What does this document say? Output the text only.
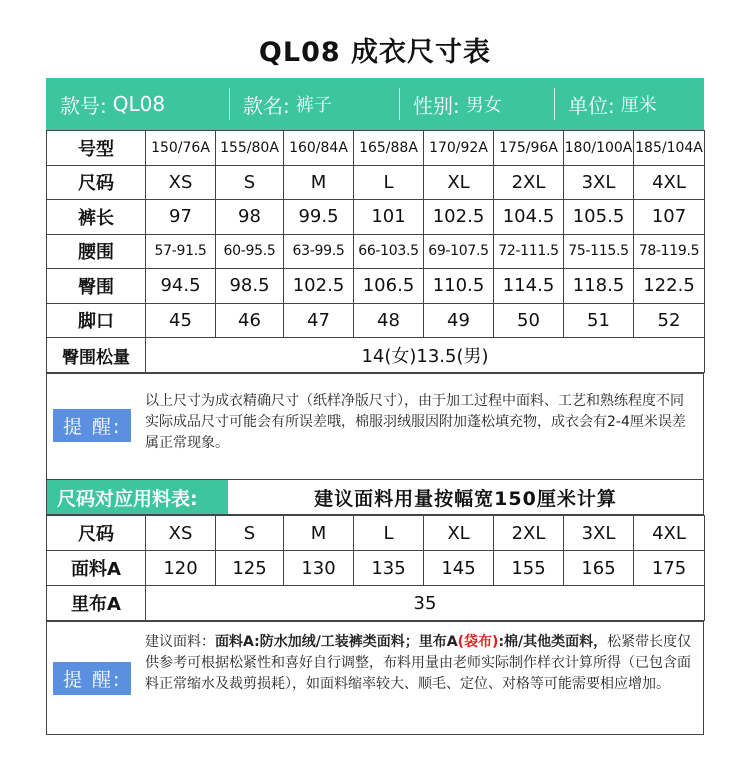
QL08 成衣尺寸表
款号: QL08	款名: 裤子	性别: 男女	单位: 厘米
号型	150/76A	155/80A	160/84A	165/88A	170/92A	175/96A	180/100A	185/104A
尺码	XS	S	M	L	XL	2XL	3XL	4XL
裤长	97	98	99.5	101	102.5	104.5	105.5	107
腰围	57-91.5	60-95.5	63-99.5	66-103.5	69-107.5	72-111.5	75-115.5	78-119.5
臀围	94.5	98.5	102.5	106.5	110.5	114.5	118.5	122.5
脚口	45	46	47	48	49	50	51	52
臀围松量	14(女)13.5(男)							
提 醒:
以上尺寸为成衣精确尺寸（纸样净版尺寸），由于加工过程中面料、工艺和熟练程度不同实际成品尺寸可能会有所误差哦，棉服羽绒服因附加蓬松填充物，成衣会有2-4厘米误差属正常现象。
尺码对应用料表:	建议面料用量按幅宽150厘米计算
尺码	XS	S	M	L	XL	2XL	3XL	4XL
面料A	120	125	130	135	145	155	165	175
里布A	35							
提 醒:
建议面料：面料A:防水加绒/工装裤类面料；里布A(袋布):棉/其他类面料，松紧带长度仅供参考可根据松紧性和喜好自行调整，布料用量由老师实际制作样衣计算所得（已包含面料正常缩水及裁剪损耗），如面料缩率较大、顺毛、定位、对格等可能需要相应增加。
